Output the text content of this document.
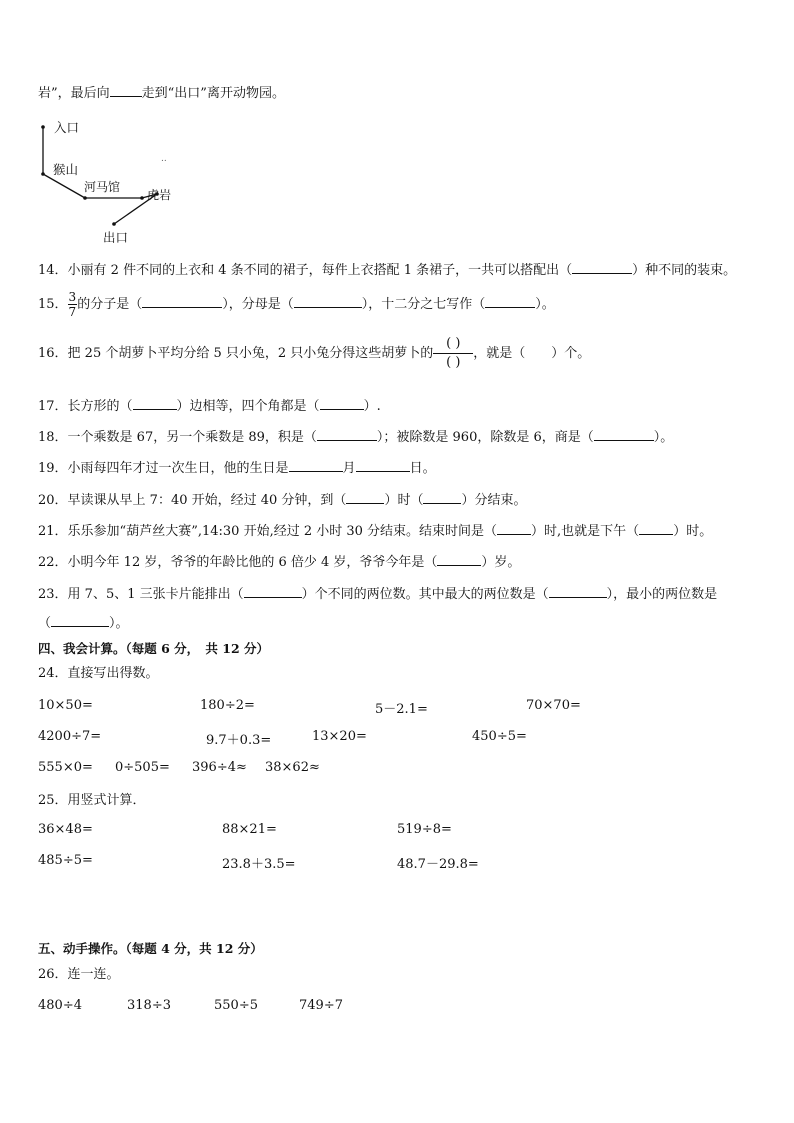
岩”，最后向 走到“出口”离开动物园。
入口
猴山
河马馆
虎岩
出口
..
14．小丽有 2 件不同的上衣和 4 条不同的裙子，每件上衣搭配 1 条裙子，一共可以搭配出（	）种不同的装束。
15． $\frac{3}{7}$ 的分子是（	），分母是（	），十二分之七写作（	）。
16．把 25 个胡萝卜平均分给 5 只小兔，2 只小兔分得这些胡萝卜的
( )
( )
，就是（　　）个。
17．长方形的（	）边相等，四个角都是（	）.
18．一个乘数是 67，另一个乘数是 89，积是（	）；被除数是 960，除数是 6，商是（	）。
19．小雨每四年才过一次生日，他的生日是	月	日。
20．早读课从早上 7：40 开始，经过 40 分钟，到（	）时（	）分结束。
21．乐乐参加“葫芦丝大赛”,14:30 开始,经过 2 小时 30 分结束。结束时间是（	）时,也就是下午（	）时。
22．小明今年 12 岁，爷爷的年龄比他的 6 倍少 4 岁，爷爷今年是（	）岁。
23．用 7、5、1 三张卡片能排出（	）个不同的两位数。其中最大的两位数是（	），最小的两位数是
（	）。
四、我会计算。（每题 6 分，　共 12 分）
24．直接写出得数。
10×50=	180÷2=	5－2.1=	70×70=
4200÷7=	9.7＋0.3=	13×20=	450÷5=
555×0= 0÷505= 396÷4≈ 38×62≈
25．用竖式计算．
36×48=	88×21=	519÷8=
485÷5=	23.8＋3.5=	48.7－29.8=
五、动手操作。（每题 4 分，共 12 分）
26．连一连。
480÷4	318÷3	550÷5	749÷7
